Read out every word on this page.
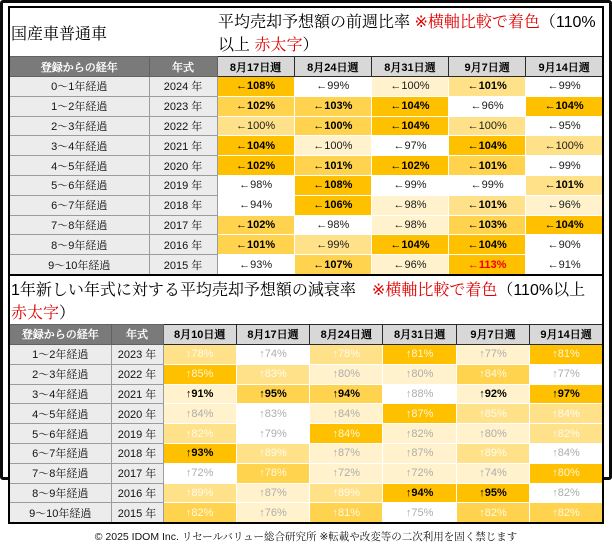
国産車普通車		平均売却予想額の前週比率 ※横軸比較で着色（110%以上 赤太字）				
登録からの経年	年式	8月17日週	8月24日週	8月31日週	9月7日週	9月14日週
0～1年経過	2024 年	←108%	←99%	←100%	←101%	←99%
1～2年経過	2023 年	←102%	←103%	←104%	←96%	←104%
2～3年経過	2022 年	←100%	←100%	←104%	←100%	←95%
3～4年経過	2021 年	←104%	←100%	←97%	←104%	←100%
4～5年経過	2020 年	←102%	←101%	←102%	←101%	←99%
5～6年経過	2019 年	←98%	←108%	←99%	←99%	←101%
6～7年経過	2018 年	←94%	←106%	←98%	←101%	←96%
7～8年経過	2017 年	←102%	←98%	←98%	←103%	←104%
8～9年経過	2016 年	←101%	←99%	←104%	←104%	←90%
9～10年経過	2015 年	←93%	←107%	←96%	←113%	←91%
1年新しい年式に対する平均売却予想額の減衰率　※横軸比較で着色（110%以上 赤太字）							
登録からの経年	年式	8月10日週	8月17日週	8月24日週	8月31日週	9月7日週	9月14日週
1～2年経過	2023 年	↑78%	↑74%	↑78%	↑81%	↑77%	↑81%
2～3年経過	2022 年	↑85%	↑83%	↑80%	↑80%	↑84%	↑77%
3～4年経過	2021 年	↑91%	↑95%	↑94%	↑88%	↑92%	↑97%
4～5年経過	2020 年	↑84%	↑83%	↑84%	↑87%	↑85%	↑84%
5～6年経過	2019 年	↑82%	↑79%	↑84%	↑82%	↑80%	↑82%
6～7年経過	2018 年	↑93%	↑89%	↑87%	↑87%	↑89%	↑84%
7～8年経過	2017 年	↑72%	↑78%	↑72%	↑72%	↑74%	↑80%
8～9年経過	2016 年	↑89%	↑87%	↑89%	↑94%	↑95%	↑82%
9～10年経過	2015 年	↑82%	↑76%	↑81%	↑75%	↑82%	↑82%
© 2025 IDOM Inc. リセールバリュー総合研究所 ※転載や改変等の二次利用を固く禁じます
